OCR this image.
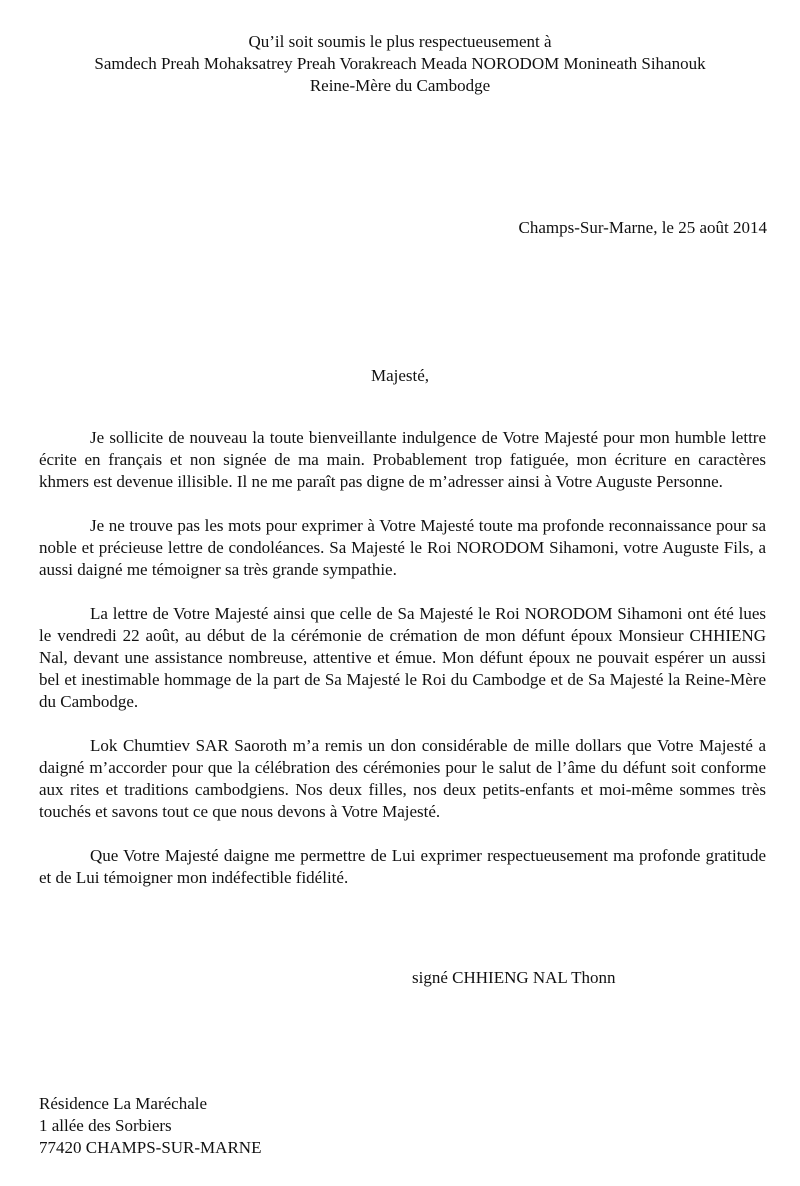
Qu’il soit soumis le plus respectueusement à
Samdech Preah Mohaksatrey Preah Vorakreach Meada NORODOM Monineath Sihanouk
Reine-Mère du Cambodge
Champs-Sur-Marne, le 25 août 2014
Majesté,

Je sollicite de nouveau la toute bienveillante indulgence de Votre Majesté pour mon humble lettre écrite en français et non signée de ma main. Probablement trop fatiguée, mon écriture en caractères khmers est devenue illisible. Il ne me paraît pas digne de m’adresser ainsi à Votre Auguste Personne.

Je ne trouve pas les mots pour exprimer à Votre Majesté toute ma profonde reconnaissance pour sa noble et précieuse lettre de condoléances. Sa Majesté le Roi NORODOM Sihamoni, votre Auguste Fils, a aussi daigné me témoigner sa très grande sympathie.

La lettre de Votre Majesté ainsi que celle de Sa Majesté le Roi NORODOM Sihamoni ont été lues le vendredi 22 août, au début de la cérémonie de crémation de mon défunt époux Monsieur CHHIENG Nal, devant une assistance nombreuse, attentive et émue. Mon défunt époux ne pouvait espérer un aussi bel et inestimable hommage de la part de Sa Majesté le Roi du Cambodge et de Sa Majesté la Reine-Mère du Cambodge.

Lok Chumtiev SAR Saoroth m’a remis un don considérable de mille dollars que Votre Majesté a daigné m’accorder pour que la célébration des cérémonies pour le salut de l’âme du défunt soit conforme aux rites et traditions cambodgiens. Nos deux filles, nos deux petits-enfants et moi-même sommes très touchés et savons tout ce que nous devons à Votre Majesté.

Que Votre Majesté daigne me permettre de Lui exprimer respectueusement ma profonde gratitude et de Lui témoigner mon indéfectible fidélité.

signé CHHIENG NAL Thonn
Résidence La Maréchale
1 allée des Sorbiers
77420 CHAMPS-SUR-MARNE
